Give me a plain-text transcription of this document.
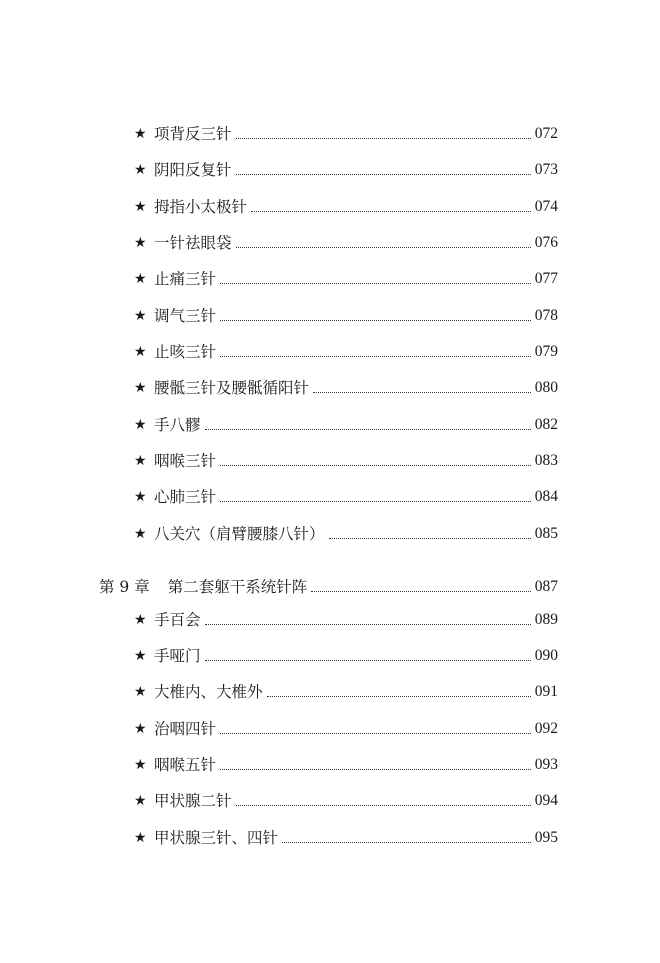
★ 项背反三针	072
★ 阴阳反复针	073
★ 拇指小太极针	074
★ 一针祛眼袋	076
★ 止痛三针	077
★ 调气三针	078
★ 止咳三针	079
★ 腰骶三针及腰骶循阳针	080
★ 手八髎	082
★ 咽喉三针	083
★ 心肺三针	084
★ 八关穴（肩臂腰膝八针）	085
第 9 章 第二套躯干系统针阵	087
★ 手百会	089
★ 手哑门	090
★ 大椎内、大椎外	091
★ 治咽四针	092
★ 咽喉五针	093
★ 甲状腺二针	094
★ 甲状腺三针、四针	095
